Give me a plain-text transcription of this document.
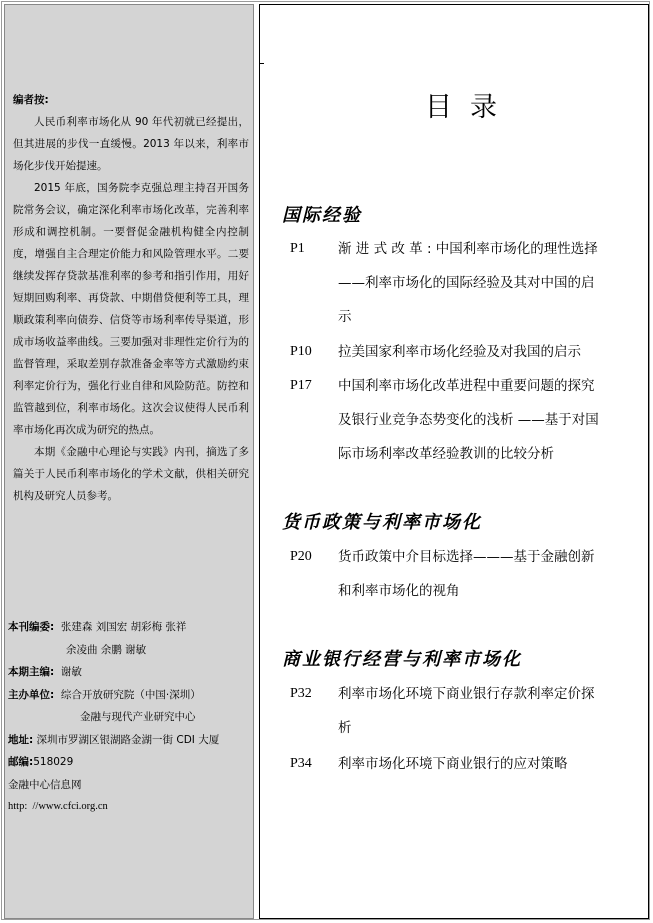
编者按:

人民币利率市场化从 90 年代初就已经提出，但其进展的步伐一直缓慢。2013 年以来，利率市场化步伐开始提速。

2015 年底，国务院李克强总理主持召开国务院常务会议，确定深化利率市场化改革，完善利率形成和调控机制。一要督促金融机构健全内控制度，增强自主合理定价能力和风险管理水平。二要继续发挥存贷款基准利率的参考和指引作用，用好短期回购利率、再贷款、中期借贷便利等工具，理顺政策利率向债券、信贷等市场利率传导渠道，形成市场收益率曲线。三要加强对非理性定价行为的监督管理，采取差别存款准备金率等方式激励约束利率定价行为，强化行业自律和风险防范。防控和监管越到位，利率市场化。这次会议使得人民币利率市场化再次成为研究的热点。

本期《金融中心理论与实践》内刊，摘选了多篇关于人民币利率市场化的学术文献，供相关研究机构及研究人员参考。

本刊编委: 张建森 刘国宏 胡彩梅 张祥
余凌曲 余鹏 谢敏
本期主编: 谢敏
主办单位: 综合开放研究院（中国·深圳）
金融与现代产业研究中心
地址: 深圳市罗湖区银湖路金湖一街 CDI 大厦
邮编:518029
金融中心信息网
http: //www.cfci.org.cn
目录
国际经验
P1 渐 进 式 改 革 : 中国利率市场化的理性选择
——利率市场化的国际经验及其对中国的启
示
P10 拉美国家利率市场化经验及对我国的启示
P17 中国利率市场化改革进程中重要问题的探究
及银行业竞争态势变化的浅析 ——基于对国
际市场利率改革经验教训的比较分析
货币政策与利率市场化
P20 货币政策中介目标选择———基于金融创新
和利率市场化的视角
商业银行经营与利率市场化
P32 利率市场化环境下商业银行存款利率定价探
析
P34 利率市场化环境下商业银行的应对策略
